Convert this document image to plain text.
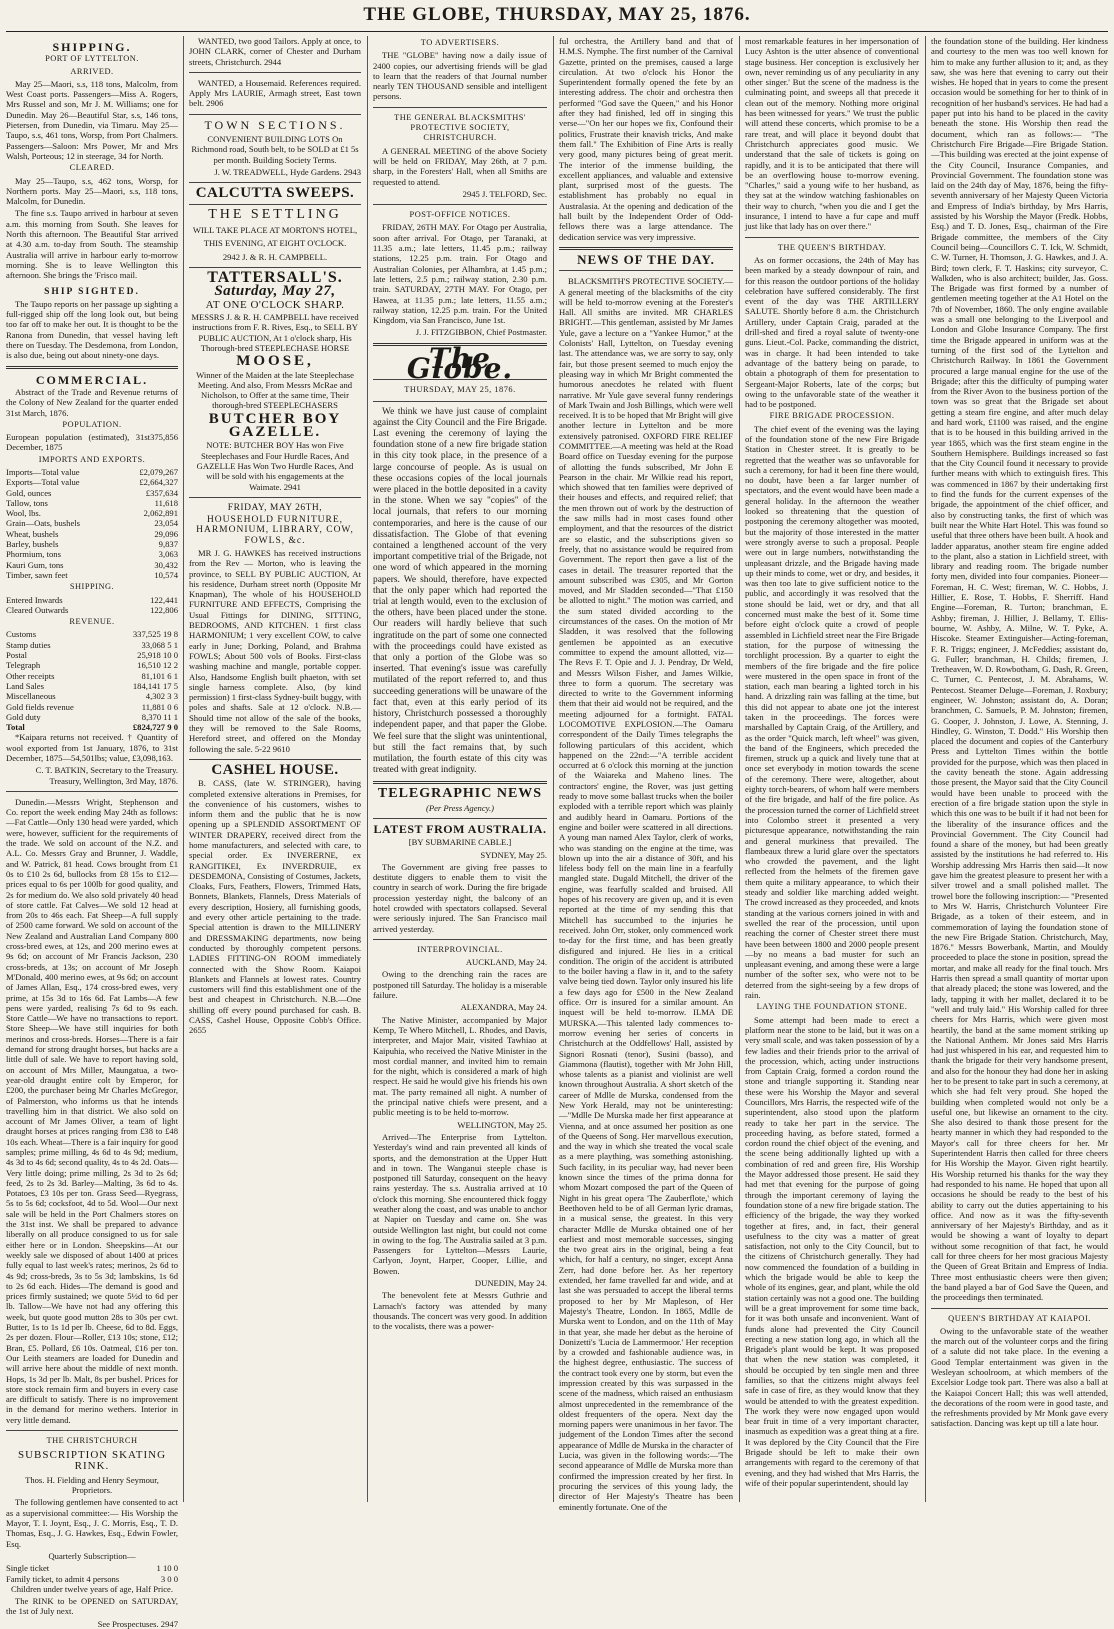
THE GLOBE, THURSDAY, MAY 25, 1876.
SHIPPING.
PORT OF LYTTELTON.
ARRIVED.

May 25—Maori, s.s, 118 tons, Malcolm, from West Coast ports. Passengers—Miss A. Rogers, Mrs Russel and son, Mr J. M. Williams; one for Dunedin. May 26—Beautiful Star, s.s, 146 tons, Pietersen, from Dunedin, via Timaru. May 25—Taupo, s.s, 461 tons, Worsp, from Port Chalmers. Passengers—Saloon: Mrs Power, Mr and Mrs Walsh, Porteous; 12 in steerage, 34 for North.

CLEARED.

May 25—Taupo, s.s, 462 tons, Worsp, for Northern ports. May 25—Maori, s.s, 118 tons, Malcolm, for Dunedin.

The fine s.s. Taupo arrived in harbour at seven a.m. this morning from South. She leaves for North this afternoon. The Beautiful Star arrived at 4.30 a.m. to-day from South. The steamship Australia will arrive in harbour early to-morrow morning. She is to leave Wellington this afternoon. She brings the 'Frisco mail.

SHIP SIGHTED.

The Taupo reports on her passage up sighting a full-rigged ship off the long look out, but being too far off to make her out. It is thought to be the Ranona from Dunedin, that vessel having left there on Tuesday. The Desdemona, from London, is also due, being out about ninety-one days.

COMMERCIAL.

Abstract of the Trade and Revenue returns of the Colony of New Zealand for the quarter ended 31st March, 1876.

POPULATION.
European population (estimated), 31st December, 1875
375,856
IMPORTS AND EXPORTS.
Imports—Total value	£2,079,267
Exports—Total value	£2,664,327
Gold, ounces	£357,634
Tallow, tons	11,618
Wool, lbs.	2,062,891
Grain—Oats, bushels	23,054
Wheat, bushels	29,096
Barley, bushels	9,837
Phormium, tons	3,063
Kauri Gum, tons	30,432
Timber, sawn feet	10,574
SHIPPING.
Entered Inwards	122,441
Cleared Outwards	122,806
REVENUE.
Customs	337,525 19 8
Stamp duties	33,068 5 1
Postal	25,918 10 0
Telegraph	16,510 12 2
Other receipts	81,101 6 1
Land Sales	184,141 17 5
Miscellaneous	4,302 3 3
Gold fields revenue	11,881 0 6
Gold duty	8,370 11 1
Total	£824,727 9 0

*Kaipara returns not received. † Quantity of wool exported from 1st January, 1876, to 31st December, 1875—54,501lbs; value, £3,098,163.

C. T. BATKIN, Secretary to the Treasury. Treasury, Wellington, 3rd May, 1876.

Dunedin.—Messrs Wright, Stephenson and Co. report the week ending May 24th as follows:—Fat Cattle—Only 130 head were yarded, which were, however, sufficient for the requirements of the trade. We sold on account of the N.Z. and A.L. Co. Messrs Gray and Brunner, J. Waddle, and W. Patrick, 81 head. Cows brought from £1 0s to £10 2s 6d, bullocks from £8 15s to £12—prices equal to 6s per 100lb for good quality, and 2s for medium do. We also sold privately 40 head of store cattle. Fat Calves—We sold 12 head at from 20s to 46s each. Fat Sheep—A full supply of 2500 came forward. We sold on account of the New Zealand and Australian Land Company 800 cross-bred ewes, at 12s, and 200 merino ewes at 9s 6d; on account of Mr Francis Jackson, 230 cross-breds, at 13s; on account of Mr Joseph M'Donald, 400 merino ewes, at 9s 6d; on account of James Allan, Esq., 174 cross-bred ewes, very prime, at 15s 3d to 16s 6d. Fat Lambs—A few pens were yarded, realising 7s 6d to 9s each. Store Cattle—We have no transactions to report. Store Sheep—We have still inquiries for both merinos and cross-breds. Horses—There is a fair demand for strong draught horses, but hacks are a little dull of sale. We have to report having sold, on account of Mrs Miller, Maungatua, a two-year-old draught entire colt by Emperor, for £200, the purchaser being Mr Charles McGregor, of Palmerston, who informs us that he intends travelling him in that district. We also sold on account of Mr James Oliver, a team of light draught horses at prices ranging from £38 to £48 10s each. Wheat—There is a fair inquiry for good samples; prime milling, 4s 6d to 4s 9d; medium, 4s 3d to 4s 6d; second quality, 4s to 4s 2d. Oats—Very little doing; prime milling, 2s 3d to 2s 6d; feed, 2s to 2s 3d. Barley—Malting, 3s 6d to 4s. Potatoes, £3 10s per ton. Grass Seed—Ryegrass, 5s to 5s 6d; cocksfoot, 4d to 5d. Wool—Our next sale will be held in the Port Chalmers stores on the 31st inst. We shall be prepared to advance liberally on all produce consigned to us for sale either here or in London. Sheepskins—At our weekly sale we disposed of about 1400 at prices fully equal to last week's rates; merinos, 2s 6d to 4s 9d; cross-breds, 3s to 5s 3d; lambskins, 1s 6d to 2s 6d each. Hides—The demand is good and prices firmly sustained; we quote 5½d to 6d per lb. Tallow—We have not had any offering this week, but quote good mutton 28s to 30s per cwt. Butter, 1s to 1s 1d per lb. Cheese, 6d to 8d. Eggs, 2s per dozen. Flour—Roller, £13 10s; stone, £12; Bran, £5. Pollard, £6 10s. Oatmeal, £16 per ton. Our Leith steamers are loaded for Dunedin and will arrive here about the middle of next month. Hops, 1s 3d per lb. Malt, 8s per bushel. Prices for store stock remain firm and buyers in every case are difficult to satisfy. There is no improvement in the demand for merino wethers. Interior in very little demand.

THE CHRISTCHURCH
SUBSCRIPTION SKATING RINK.

Thos. H. Fielding and Henry Seymour, Proprietors.

The following gentlemen have consented to act as a supervisional committee:— His Worship the Mayor, T. I. Joynt, Esq., J. C. Morris, Esq., T. D. Thomas, Esq., J. G. Hawkes, Esq., Edwin Fowler, Esq.

Quarterly Subscription—

Single ticket	1 10 0
Family ticket, to admit 4 persons	3 0 0

Children under twelve years of age, Half Price.

The RINK to be OPENED on SATURDAY, the 1st of July next.

See Prospectuses. 2947

WANTED, two good Tailors. Apply at once, to JOHN CLARK, corner of Chester and Durham streets, Christchurch. 2944

WANTED, a Housemaid. References required. Apply Mrs LAURIE, Armagh street, East town belt. 2906

TOWN SECTIONS.

CONVENIENT BUILDING LOTS On Richmond road, South belt, to be SOLD at £1 5s per month. Building Society Terms.

J. W. TREADWELL, Hyde Gardens. 2943

CALCUTTA SWEEPS.
THE SETTLING

WILL TAKE PLACE AT MORTON'S HOTEL, THIS EVENING, AT EIGHT O'CLOCK.

2942 J. & R. H. CAMPBELL.

TATTERSALL'S.
Saturday, May 27,
AT ONE O'CLOCK SHARP.

MESSRS J. & R. H. CAMPBELL have received instructions from F. R. Rives, Esq., to SELL BY PUBLIC AUCTION, At 1 o'clock sharp, His Thorough-bred STEEPLECHASE HORSE

MOOSE,

Winner of the Maiden at the late Steeplechase Meeting. And also, From Messrs McRae and Nicholson, to Offer at the same time, Their thorough-bred STEEPLECHASERS

BUTCHER BOY
GAZELLE.

NOTE: BUTCHER BOY Has won Five Steeplechases and Four Hurdle Races, And GAZELLE Has Won Two Hurdle Races, And will be sold with his engagements at the Waimate. 2941

FRIDAY, MAY 26TH,
HOUSEHOLD FURNITURE, HARMONIUM, LIBRARY, COW, FOWLS, &c.

MR J. G. HAWKES has received instructions from the Rev — Morton, who is leaving the province, to SELL BY PUBLIC AUCTION, At his residence, Durham street north (Opposite Mr Knapman), The whole of his HOUSEHOLD FURNITURE AND EFFECTS, Comprising the Usual Fittings for DINING, SITTING, BEDROOMS, AND KITCHEN. 1 first class HARMONIUM; 1 very excellent COW, to calve early in June; Dorking, Poland, and Brahma FOWLS; About 500 vols of Books. First-class washing machine and mangle, portable copper. Also, Handsome English built phaeton, with set single harness complete. Also, (by kind permission) 1 first-class Sydney-built buggy, with poles and shafts. Sale at 12 o'clock. N.B.—Should time not allow of the sale of the books, they will be removed to the Sale Rooms, Hereford street, and offered on the Monday following the sale. 5-22 9610

CASHEL HOUSE.

B. CASS, (late W. STRINGER), having completed extensive alterations in Premises, for the convenience of his customers, wishes to inform them and the public that he is now opening up a SPLENDID ASSORTMENT OF WINTER DRAPERY, received direct from the home manufacturers, and selected with care, to special order. Ex INVERERNE, ex RANGITIKEI, Ex INVERDRUIE, ex DESDEMONA, Consisting of Costumes, Jackets, Cloaks, Furs, Feathers, Flowers, Trimmed Hats, Bonnets, Blankets, Flannels, Dress Materials of every description, Hosiery, all furnishing goods, and every other article pertaining to the trade. Special attention is drawn to the MILLINERY and DRESSMAKING departments, now being conducted by thoroughly competent persons. LADIES FITTING-ON ROOM immediately connected with the Show Room. Kaiapoi Blankets and Flannels at lowest rates. Country customers will find this establishment one of the best and cheapest in Christchurch. N.B.—One shilling off every pound purchased for cash. B. CASS, Cashel House, Opposite Cobb's Office. 2655

TO ADVERTISERS.

THE "GLOBE" having now a daily issue of 2400 copies, our advertising friends will be glad to learn that the readers of that Journal number nearly TEN THOUSAND sensible and intelligent persons.

THE GENERAL BLACKSMITHS' PROTECTIVE SOCIETY, CHRISTCHURCH.

A GENERAL MEETING of the above Society will be held on FRIDAY, May 26th, at 7 p.m. sharp, in the Foresters' Hall, when all Smiths are requested to attend.

2945 J. TELFORD, Sec.

POST-OFFICE NOTICES.

FRIDAY, 26TH MAY. For Otago per Australia, soon after arrival. For Otago, per Taranaki, at 11.35 a.m.; late letters, 11.45 p.m.; railway stations, 12.25 p.m. train. For Otago and Australian Colonies, per Alhambra, at 1.45 p.m.; late letters, 2.5 p.m.; railway station, 2.30 p.m. train. SATURDAY, 27TH MAY. For Otago, per Hawea, at 11.35 p.m.; late letters, 11.55 a.m.; railway station, 12.25 p.m. train. For the United Kingdom, via San Francisco, June 1st.

J. J. FITZGIBBON, Chief Postmaster.

The Globe.
THURSDAY, MAY 25, 1876.

We think we have just cause of complaint against the City Council and the Fire Brigade. Last evening the ceremony of laying the foundation stone of a new fire brigade station in this city took place, in the presence of a large concourse of people. As is usual on these occasions copies of the local journals were placed in the bottle deposited in a cavity in the stone. When we say "copies" of the local journals, that refers to our morning contemporaries, and here is the cause of our dissatisfaction. The Globe of that evening contained a lengthened account of the very important competitive trial of the Brigade, not one word of which appeared in the morning papers. We should, therefore, have expected that the only paper which had reported the trial at length would, even to the exclusion of the others, have been placed under the stone. Our readers will hardly believe that such ingratitude on the part of some one connected with the proceedings could have existed as that only a portion of the Globe was so inserted. That evening's issue was carefully mutilated of the report referred to, and thus succeeding generations will be unaware of the fact that, even at this early period of its history, Christchurch possessed a thoroughly independent paper, and that paper the Globe. We feel sure that the slight was unintentional, but still the fact remains that, by such mutilation, the fourth estate of this city was treated with great indignity.

TELEGRAPHIC NEWS

(Per Press Agency.)

LATEST FROM AUSTRALIA.

[BY SUBMARINE CABLE.]

SYDNEY, May 25.

The Government are giving free passes to destitute diggers to enable them to visit the country in search of work. During the fire brigade procession yesterday night, the balcony of an hotel crowded with spectators collapsed. Several were seriously injured. The San Francisco mail arrived yesterday.

INTERPROVINCIAL.

AUCKLAND, May 24.

Owing to the drenching rain the races are postponed till Saturday. The holiday is a miserable failure.

ALEXANDRA, May 24.

The Native Minister, accompanied by Major Kemp, Te Whero Mitchell, L. Rhodes, and Davis, interpreter, and Major Mair, visited Tawhiao at Kaipuhia, who received the Native Minister in the most cordial manner, and invited him to remain for the night, which is considered a mark of high respect. He said he would give his friends his own mat. The party remained all night. A number of the principal native chiefs were present, and a public meeting is to be held to-morrow.

WELLINGTON, May 25.

Arrived—The Enterprise from Lyttelton. Yesterday's wind and rain prevented all kinds of sports, and the demonstration at the Upper Hutt and in town. The Wanganui steeple chase is postponed till Saturday, consequent on the heavy rains yesterday. The s.s. Australia arrived at 10 o'clock this morning. She encountered thick foggy weather along the coast, and was unable to anchor at Napier on Tuesday and came on. She was outside Wellington last night, but could not come in owing to the fog. The Australia sailed at 3 p.m. Passengers for Lyttelton—Messrs Laurie, Carlyon, Joynt, Harper, Cooper, Lillie, and Bowen.

DUNEDIN, May 24.

The benevolent fete at Messrs Guthrie and Larnach's factory was attended by many thousands. The concert was very good. In addition to the vocalists, there was a power-

ful orchestra, the Artillery band and that of H.M.S. Nymphe. The first number of the Carnival Gazette, printed on the premises, caused a large circulation. At two o'clock his Honor the Superintendent formally opened the fete by an interesting address. The choir and orchestra then performed "God save the Queen," and his Honor after they had finished, led off in singing this verse—"On her our hopes we fix, Confound their politics, Frustrate their knavish tricks, And make them fall." The Exhibition of Fine Arts is really very good, many pictures being of great merit. The interior of the immense building, the excellent appliances, and valuable and extensive plant, surprised most of the guests. The establishment has probably no equal in Australasia. At the opening and dedication of the hall built by the Independent Order of Odd-fellows there was a large attendance. The dedication service was very impressive.

NEWS OF THE DAY.

BLACKSMITH'S PROTECTIVE SOCIETY.—A general meeting of the blacksmiths of the city will be held to-morrow evening at the Forester's Hall. All smiths are invited. MR CHARLES BRIGHT.—This gentleman, assisted by Mr James Yule, gave a lecture on a "Yankee Humor," at the Colonists' Hall, Lyttelton, on Tuesday evening last. The attendance was, we are sorry to say, only fair, but those present seemed to much enjoy the pleasing way in which Mr Bright commented the humorous anecdotes he related with fluent narrative. Mr Yule gave several funny renderings of Mark Twain and Josh Billings, which were well received. It is to be hoped that Mr Bright will give another lecture in Lyttelton and be more extensively patronised. OXFORD FIRE RELIEF COMMITTEE.—A meeting was held at the Road Board office on Tuesday evening for the purpose of allotting the funds subscribed, Mr John E Pearson in the chair. Mr Wilkie read his report, which showed that ten families were deprived of their houses and effects, and required relief; that the men thrown out of work by the destruction of the saw mills had in most cases found other employment, and that the resources of the district are so elastic, and the subscriptions given so freely, that no assistance would be required from Government. The report then gave a list of the cases in detail. The treasurer reported that the amount subscribed was £305, and Mr Gorton moved, and Mr Sladden seconded—"That £150 be allotted to night." The motion was carried, and the sum stated divided according to the circumstances of the cases. On the motion of Mr Sladden, it was resolved that the following gentlemen be appointed as an executive committee to expend the amount allotted, viz—The Revs F. T. Opie and J. J. Pendray, Dr Weld, and Messrs Wilson Fisher, and James Wilkie, three to form a quorum. The secretary was directed to write to the Government informing them that their aid would not be required, and the meeting adjourned for a fortnight. FATAL LOCOMOTIVE EXPLOSION.—The Oamaru correspondent of the Daily Times telegraphs the following particulars of this accident, which happened on the 22nd:—"A terrible accident occurred at 6 o'clock this morning at the junction of the Waiareka and Maheno lines. The contractors' engine, the Rover, was just getting ready to move some ballast trucks when the boiler exploded with a terrible report which was plainly and audibly heard in Oamaru. Portions of the engine and boiler were scattered in all directions. A young man named Alex Taylor, clerk of works, who was standing on the engine at the time, was blown up into the air a distance of 30ft, and his lifeless body fell on the main line in a fearfully mangled state. Dugald Mitchell, the driver of the engine, was fearfully scalded and bruised. All hopes of his recovery are given up, and it is even reported at the time of my sending this that Mitchell has succumbed to the injuries he received. John Orr, stoker, only commenced work to-day for the first time, and has been greatly disfigured and injured. He lies in a critical condition. The origin of the accident is attributed to the boiler having a flaw in it, and to the safety valve being tied down. Taylor only insured his life a few days ago for £500 in the New Zealand office. Orr is insured for a similar amount. An inquest will be held to-morrow. ILMA DE MURSKA.—This talented lady commences to-morrow evening her series of concerts in Christchurch at the Oddfellows' Hall, assisted by Signori Rosnati (tenor), Susini (basso), and Giammona (flautist), together with Mr John Hill, whose talents as a pianist and violinist are well known throughout Australia. A short sketch of the career of Mdlle de Murska, condensed from the New York Herald, may not be uninteresting:—"Mdlle De Murska made her first appearance at Vienna, and at once assumed her position as one of the Queens of Song. Her marvellous execution, and the way in which she treated the vocal scale as a mere plaything, was something astonishing. Such facility, in its peculiar way, had never been known since the times of the prima donna for whom Mozart composed the part of the Queen of Night in his great opera 'The Zauberflote,' which Beethoven held to be of all German lyric dramas, in a musical sense, the greatest. In this very character Mdlle de Murska obtained one of her earliest and most memorable successes, singing the two great airs in the original, being a feat which, for half a century, no singer, except Anna Zerr, had done before her. As her repertory extended, her fame travelled far and wide, and at last she was persuaded to accept the liberal terms proposed to her by Mr Mapleson, of Her Majesty's Theatre, London. In 1865, Mdlle de Murska went to London, and on the 11th of May in that year, she made her debut as the heroine of Donizetti's 'Lucia de Lammermoor.' Her reception by a crowded and fashionable audience was, in the highest degree, enthusiastic. The success of the contract took every one by storm, but even the impression created by this was surpassed in the scene of the madness, which raised an enthusiasm almost unprecedented in the remembrance of the oldest frequenters of the opera. Next day the morning papers were unanimous in her favor. The judgement of the London Times after the second appearance of Mdlle de Murska in the character of Lucia, was given in the following words:—'The second appearance of Mdlle de Murska more than confirmed the impression created by her first. In procuring the services of this young lady, the director of Her Majesty's Theatre has been eminently fortunate. One of the

most remarkable features in her impersonation of Lucy Ashton is the utter absence of conventional stage business. Her conception is exclusively her own, never reminding us of any peculiarity in any other singer.' But the scene of the madness is the culminating point, and sweeps all that precede it clean out of the memory. Nothing more original has been witnessed for years." We trust the public will attend these concerts, which promise to be a rare treat, and will place it beyond doubt that Christchurch appreciates good music. We understand that the sale of tickets is going on rapidly, and it is to be anticipated that there will be an overflowing house to-morrow evening. "Charles," said a young wife to her husband, as they sat at the window watching fashionables on their way to church, "when you die and I get the insurance, I intend to have a fur cape and muff just like that lady has on over there."

THE QUEEN'S BIRTHDAY.

As on former occasions, the 24th of May has been marked by a steady downpour of rain, and for this reason the outdoor portions of the holiday celebration have suffered considerably. The first event of the day was THE ARTILLERY SALUTE. Shortly before 8 a.m. the Christchurch Artillery, under Captain Craig, paraded at the drill-shed and fired a royal salute of twenty-one guns. Lieut.-Col. Packe, commanding the district, was in charge. It had been intended to take advantage of the battery being on parade, to obtain a photograph of them for presentation to Sergeant-Major Roberts, late of the corps; but owing to the unfavorable state of the weather it had to be postponed.

FIRE BRIGADE PROCESSION.

The chief event of the evening was the laying of the foundation stone of the new Fire Brigade Station in Chester street. It is greatly to be regretted that the weather was so unfavorable for such a ceremony, for had it been fine there would, no doubt, have been a far larger number of spectators, and the event would have been made a general holiday. In the afternoon the weather looked so threatening that the question of postponing the ceremony altogether was mooted, but the majority of those interested in the matter were strongly averse to such a proposal. People were out in large numbers, notwithstanding the unpleasant drizzle, and the Brigade having made up their minds to come, wet or dry, and besides, it was then too late to give sufficient notice to the public, and accordingly it was resolved that the stone should be laid, wet or dry, and that all concerned must make the best of it. Some time before eight o'clock quite a crowd of people assembled in Lichfield street near the Fire Brigade station, for the purpose of witnessing the torchlight procession. By a quarter to eight the members of the fire brigade and the fire police were mustered in the open space in front of the station, each man bearing a lighted torch in his hand. A drizzling rain was falling at the time, but this did not appear to abate one jot the interest taken in the proceedings. The forces were marshalled by Captain Craig, of the Artillery, and as the order "Quick march, left wheel" was given, the band of the Engineers, which preceded the firemen, struck up a quick and lively tune that at once set everybody in motion towards the scene of the ceremony. There were, altogether, about eighty torch-bearers, of whom half were members of the fire brigade, and half of the fire police. As the procession turned the corner of Lichfield street into Colombo street it presented a very picturesque appearance, notwithstanding the rain and general murkiness that prevailed. The flambeaux threw a lurid glare over the spectators who crowded the pavement, and the light reflected from the helmets of the firemen gave them quite a military appearance, to which their steady and soldier like marching added weight. The crowd increased as they proceeded, and knots standing at the various corners joined in with and swelled the rear of the procession, until upon reaching the corner of Chester street there must have been between 1800 and 2000 people present—by no means a bad muster for such an unpleasant evening, and among these were a large number of the softer sex, who were not to be deterred from the sight-seeing by a few drops of rain.

LAYING THE FOUNDATION STONE.

Some attempt had been made to erect a platform near the stone to be laid, but it was on a very small scale, and was taken possession of by a few ladies and their friends prior to the arrival of the procession, which, acting under instructions from Captain Craig, formed a cordon round the stone and triangle supporting it. Standing near these were his Worship the Mayor and several Councillors, Mrs Harris, the respected wife of the superintendent, also stood upon the platform ready to take her part in the service. The proceeding having, as before stated, formed a cordon round the chief object of the evening, and the scene being additionally lighted up with a combination of red and green fire, His Worship the Mayor addressed those present. He said they had met that evening for the purpose of going through the important ceremony of laying the foundation stone of a new fire brigade station. The efficiency of the brigade, the way they worked together at fires, and, in fact, their general usefulness to the city was a matter of great satisfaction, not only to the City Council, but to the citizens of Christchurch generally. They had now commenced the foundation of a building in which the brigade would be able to keep the whole of its engines, gear, and plant, while the old station certainly was not a good one. The building will be a great improvement for some time back, for it was both unsafe and inconvenient. Want of funds alone had prevented the City Council erecting a new station long ago, in which all the Brigade's plant would be kept. It was proposed that when the new station was completed, it should be occupied by ten single men and three families, so that the citizens might always feel safe in case of fire, as they would know that they would be attended to with the greatest expedition. The work they were now engaged upon would bear fruit in time of a very important character, inasmuch as expedition was a great thing at a fire. It was deplored by the City Council that the Fire Brigade should be left to make their own arrangements with regard to the ceremony of that evening, and they had wished that Mrs Harris, the wife of their popular superintendent, should lay

the foundation stone of the building. Her kindness and courtesy to the men was too well known for him to make any further allusion to it; and, as they saw, she was here that evening to carry out their wishes. He hoped that in years to come the present occasion would be something for her to think of in recognition of her husband's services. He had had a paper put into his hand to be placed in the cavity beneath the stone. His Worship then read the document, which ran as follows:— "The Christchurch Fire Brigade—Fire Brigade Station.—This building was erected at the joint expense of the City Council, Insurance Companies, and Provincial Government. The foundation stone was laid on the 24th day of May, 1876, being the fifty-seventh anniversary of her Majesty Queen Victoria and Empress of India's birthday, by Mrs Harris, assisted by his Worship the Mayor (Fredk. Hobbs, Esq.) and T. D. Jones, Esq., chairman of the Fire Brigade committee, the members of the City Council being—Councillors C. T. Ick, W. Schmidt, C. W. Turner, H. Thomson, J. G. Hawkes, and J. A. Bird; town clerk, F. T. Haskins; city surveyor, C. Walkden, who is also architect; builder, Jas. Goss. The Brigade was first formed by a number of gentlemen meeting together at the A1 Hotel on the 7th of November, 1860. The only engine available was a small one belonging to the Liverpool and London and Globe Insurance Company. The first time the Brigade appeared in uniform was at the turning of the first sod of the Lyttelton and Christchurch Railway. In 1861 the Government procured a large manual engine for the use of the Brigade; after this the difficulty of pumping water from the River Avon to the business portion of the town was so great that the Brigade set about getting a steam fire engine, and after much delay and hard work, £1100 was raised, and the engine that is to be housed in this building arrived in the year 1865, which was the first steam engine in the Southern Hemisphere. Buildings increased so fast that the City Council found it necessary to provide further means with which to extinguish fires. This was commenced in 1867 by their undertaking first to find the funds for the current expenses of the brigade, the appointment of the chief officer, and also by constructing tanks, the first of which was built near the White Hart Hotel. This was found so useful that three others have been built. A hook and ladder apparatus, another steam fire engine added to the plant, also a station in Lichfield street, with library and reading room. The brigade number forty men, divided into four companies. Pioneer—Foreman, H. C. West; fireman, W. C. Hobbs, J. Hillier, E. Rose, T. Hobbs, F. Sherriff. Hand Engine—Foreman, R. Turton; branchman, E. Ashby; fireman, J. Hillier, J. Bellamy, T. Ellis-bourne, W. Ashby, A. Milne, W. T. Pyke, A. Hiscoke. Steamer Extinguisher—Acting-foreman, F. R. Triggs; engineer, J. McFeddies; assistant do, G. Fuller; branchman, H. Childs; firemen, J. Tretheaven, W. D. Rowbotham, G. Dash, R. Green, C. Turner, C. Pentecost, J. M. Abrahams, W. Pentecost. Steamer Deluge—Foreman, J. Roxbury; engineer, W. Johnston; assistant do, A. Doran; branchmen, C. Samuels, P. M. Johnston; firemen, G. Cooper, J. Johnston, J. Lowe, A. Stenning, J. Hindley, G. Winston, T. Dodd." His Worship then placed the document and copies of the Canterbury Press and Lyttelton Times within the bottle provided for the purpose, which was then placed in the cavity beneath the stone. Again addressing those present, the Mayor said that the City Council would have been unable to proceed with the erection of a fire brigade station upon the style in which this one was to be built if it had not been for the liberality of the insurance offices and the Provincial Government. The City Council had found a share of the money, but had been greatly assisted by the institutions he had referred to. His Worship addressing Mrs Harris then said—It now gave him the greatest pleasure to present her with a silver trowel and a small polished mallet. The trowel bore the following inscription:— "Presented to Mrs W. Harris, Christchurch Volunteer Fire Brigade, as a token of their esteem, and in commemoration of laying the foundation stone of the new Fire Brigade Station. Christchurch, May, 1876." Messrs Bowerbank, Martin, and Mouldy proceeded to place the stone in position, spread the mortar, and make all ready for the final touch. Mrs Harris then spread a small quantity of mortar upon that already placed; the stone was lowered, and the lady, tapping it with her mallet, declared it to be "well and truly laid." His Worship called for three cheers for Mrs Harris, which were given most heartily, the band at the same moment striking up the National Anthem. Mr Jones said Mrs Harris had just whispered in his ear, and requested him to thank the brigade for their very handsome present, and also for the honour they had done her in asking her to be present to take part in such a ceremony, at which she had felt very proud. She hoped the building when completed would not only be a useful one, but likewise an ornament to the city. She also desired to thank those present for the hearty manner in which they had responded to the Mayor's call for three cheers for her. Mr Superintendent Harris then called for three cheers for His Worship the Mayor. Given right heartily. His Worship returned his thanks for the way they had responded to his name. He hoped that upon all occasions he should be ready to the best of his ability to carry out the duties appertaining to his office. And now as it was the fifty-seventh anniversary of her Majesty's Birthday, and as it would be showing a want of loyalty to depart without some recognition of that fact, he would call for three cheers for her most gracious Majesty the Queen of Great Britain and Empress of India. Three most enthusiastic cheers were then given; the band played a bar of God Save the Queen, and the proceedings then terminated.

QUEEN'S BIRTHDAY AT KAIAPOI.

Owing to the unfavorable state of the weather the march out of the volunteer corps and the firing of a salute did not take place. In the evening a Good Templar entertainment was given in the Wesleyan schoolroom, at which members of the Excelsior Lodge took part. There was also a ball at the Kaiapoi Concert Hall; this was well attended, the decorations of the room were in good taste, and the refreshments provided by Mr Monk gave every satisfaction. Dancing was kept up till a late hour.
